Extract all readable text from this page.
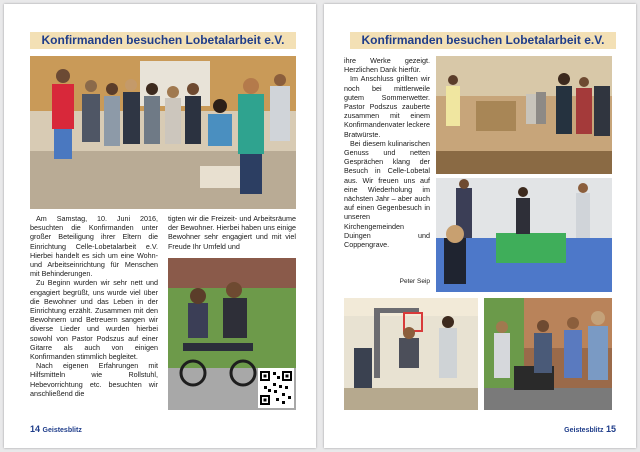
Konfirmanden besuchen Lobetalarbeit e.V.

Am Samstag, 10. Juni 2016, besuchten die Konfirmanden unter großer Beteiligung ihrer Eltern die Einrichtung Celle-Lobetalarbeit e.V. Hierbei handelt es sich um eine Wohn- und Arbeitseinrichtung für Menschen mit Behinderungen.

Zu Beginn wurden wir sehr nett und engagiert begrüßt, uns wurde viel über die Bewohner und das Leben in der Einrichtung erzählt. Zusammen mit den Bewohnern und Betreuern sangen wir diverse Lieder und wurden hierbei sowohl von Pastor Podszus auf einer Gitarre als auch von einigen Konfirmanden stimmlich begleitet.

Nach eigenen Erfahrungen mit Hilfsmitteln wie Rollstuhl, Hebevorrichtung etc. besuchten wir anschließend die

tigten wir die Freizeit- und Arbeitsräume der Bewohner. Hierbei haben uns einige Bewohner sehr engagiert und mit viel Freude Ihr Umfeld und

14 Geistesblitz
Konfirmanden besuchen Lobetalarbeit e.V.

ihre Werke gezeigt. Herzlichen Dank hierfür.

Im Anschluss grillten wir noch bei mittlerweile gutem Sommerwetter. Pastor Podszus zauberte zusammen mit einem Konfirmandenvater leckere Bratwürste.

Bei diesem kulinarischen Genuss und netten Gesprächen klang der Besuch in Celle-Lobetal aus. Wir freuen uns auf eine Wiederholung im nächsten Jahr – aber auch auf einen Gegenbesuch in unseren Kirchengemeinden Duingen und Coppengrave.

Peter Seip
Geistesblitz 15
